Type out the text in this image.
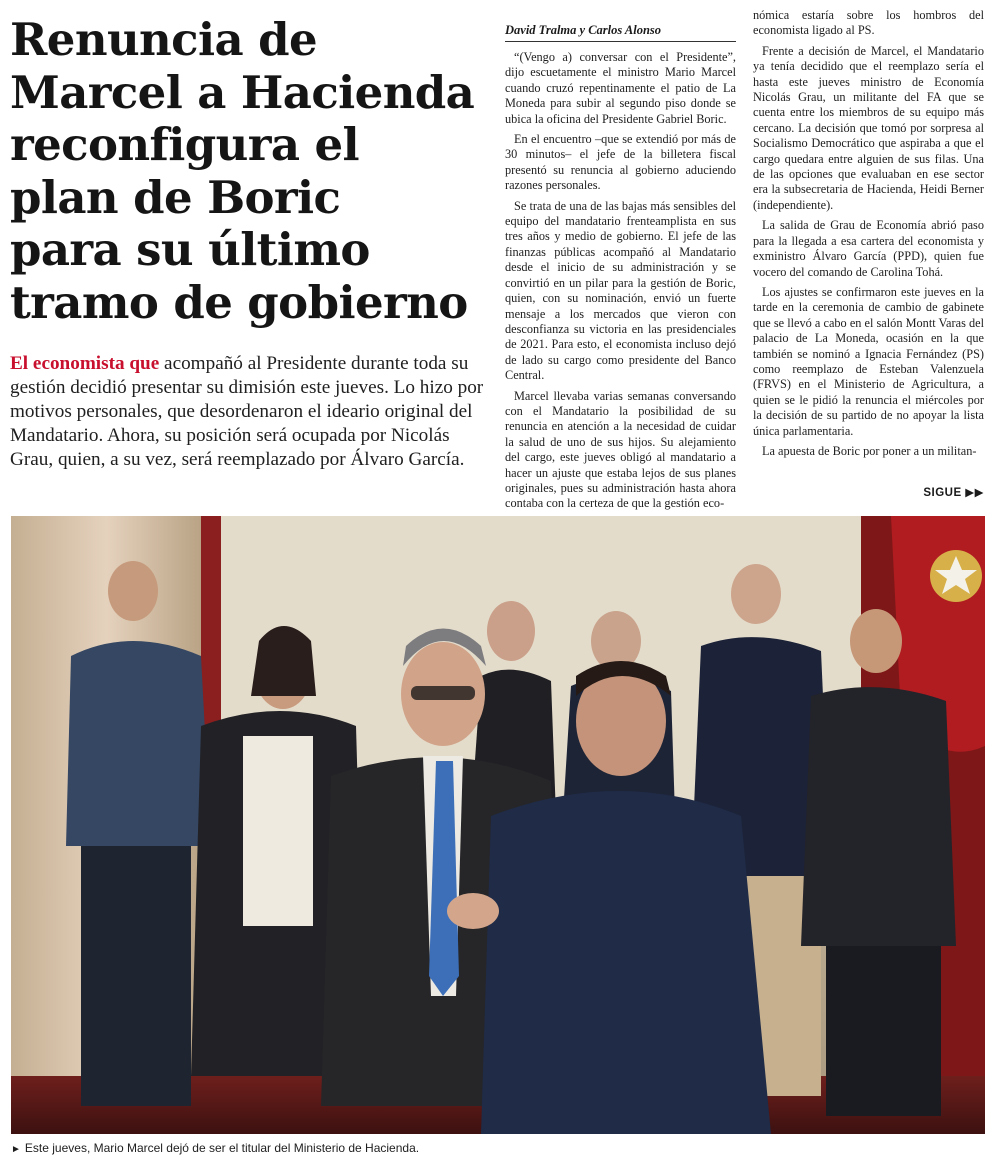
Renuncia de
Marcel a Hacienda
reconfigura el
plan de Boric
para su último
tramo de gobierno

El economista que acompañó al Presidente durante toda su gestión decidió presentar su dimisión este jueves. Lo hizo por motivos personales, que desordenaron el ideario original del Mandatario. Ahora, su posición será ocupada por Nicolás Grau, quien, a su vez, será reemplazado por Álvaro García.

David Tralma y Carlos Alonso

“(Vengo a) conversar con el Presidente”, dijo escuetamente el ministro Mario Marcel cuando cruzó repentinamente el patio de La Moneda para subir al segundo piso donde se ubica la oficina del Presidente Gabriel Boric.

En el encuentro –que se extendió por más de 30 minutos– el jefe de la billetera fiscal presentó su renuncia al gobierno aduciendo razones personales.

Se trata de una de las bajas más sensibles del equipo del mandatario frenteamplista en sus tres años y medio de gobierno. El jefe de las finanzas públicas acompañó al Mandatario desde el inicio de su administración y se convirtió en un pilar para la gestión de Boric, quien, con su nominación, envió un fuerte mensaje a los mercados que vieron con desconfianza su victoria en las presidenciales de 2021. Para esto, el economista incluso dejó de lado su cargo como presidente del Banco Central.

Marcel llevaba varias semanas conversando con el Mandatario la posibilidad de su renuncia en atención a la necesidad de cuidar la salud de uno de sus hijos. Su alejamiento del cargo, este jueves obligó al mandatario a hacer un ajuste que estaba lejos de sus planes originales, pues su administración hasta ahora contaba con la certeza de que la gestión eco-

nómica estaría sobre los hombros del economista ligado al PS.

Frente a decisión de Marcel, el Mandatario ya tenía decidido que el reemplazo sería el hasta este jueves ministro de Economía Nicolás Grau, un militante del FA que se cuenta entre los miembros de su equipo más cercano. La decisión que tomó por sorpresa al Socialismo Democrático que aspiraba a que el cargo quedara entre alguien de sus filas. Una de las opciones que evaluaban en ese sector era la subsecretaria de Hacienda, Heidi Berner (independiente).

La salida de Grau de Economía abrió paso para la llegada a esa cartera del economista y exministro Álvaro García (PPD), quien fue vocero del comando de Carolina Tohá.

Los ajustes se confirmaron este jueves en la tarde en la ceremonia de cambio de gabinete que se llevó a cabo en el salón Montt Varas del palacio de La Moneda, ocasión en la que también se nominó a Ignacia Fernández (PS) como reemplazo de Esteban Valenzuela (FRVS) en el Ministerio de Agricultura, a quien se le pidió la renuncia el miércoles por la decisión de su partido de no apoyar la lista única parlamentaria.

La apuesta de Boric por poner a un militan-

SIGUE ▶▶
► Este jueves, Mario Marcel dejó de ser el titular del Ministerio de Hacienda.
